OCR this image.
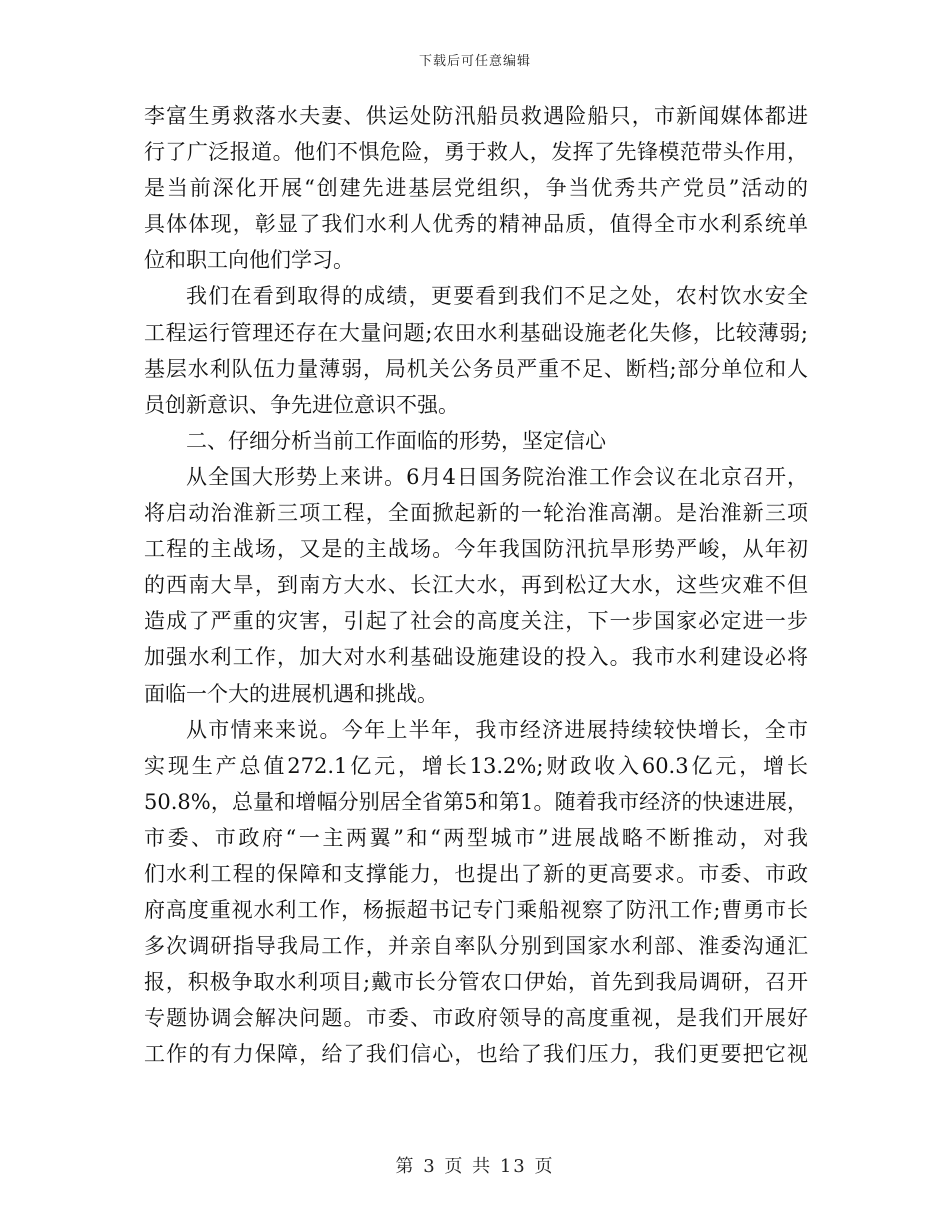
下载后可任意编辑
李富生勇救落水夫妻、供运处防汛船员救遇险船只，市新闻媒体都进
行了广泛报道。他们不惧危险，勇于救人，发挥了先锋模范带头作用，
是当前深化开展“创建先进基层党组织，争当优秀共产党员”活动的
具体体现，彰显了我们水利人优秀的精神品质，值得全市水利系统单
位和职工向他们学习。
我们在看到取得的成绩，更要看到我们不足之处，农村饮水安全
工程运行管理还存在大量问题;农田水利基础设施老化失修，比较薄弱;
基层水利队伍力量薄弱，局机关公务员严重不足、断档;部分单位和人
员创新意识、争先进位意识不强。
二、仔细分析当前工作面临的形势，坚定信心
从全国大形势上来讲。6月4日国务院治淮工作会议在北京召开，
将启动治淮新三项工程，全面掀起新的一轮治淮高潮。是治淮新三项
工程的主战场，又是的主战场。今年我国防汛抗旱形势严峻，从年初
的西南大旱，到南方大水、长江大水，再到松辽大水，这些灾难不但
造成了严重的灾害，引起了社会的高度关注，下一步国家必定进一步
加强水利工作，加大对水利基础设施建设的投入。我市水利建设必将
面临一个大的进展机遇和挑战。
从市情来来说。今年上半年，我市经济进展持续较快增长，全市
实现生产总值272.1亿元，增长13.2%;财政收入60.3亿元，增长
50.8%，总量和增幅分别居全省第5和第1。随着我市经济的快速进展，
市委、市政府“一主两翼”和“两型城市”进展战略不断推动，对我
们水利工程的保障和支撑能力，也提出了新的更高要求。市委、市政
府高度重视水利工作，杨振超书记专门乘船视察了防汛工作;曹勇市长
多次调研指导我局工作，并亲自率队分别到国家水利部、淮委沟通汇
报，积极争取水利项目;戴市长分管农口伊始，首先到我局调研，召开
专题协调会解决问题。市委、市政府领导的高度重视，是我们开展好
工作的有力保障，给了我们信心，也给了我们压力，我们更要把它视
第 3 页 共 13 页
